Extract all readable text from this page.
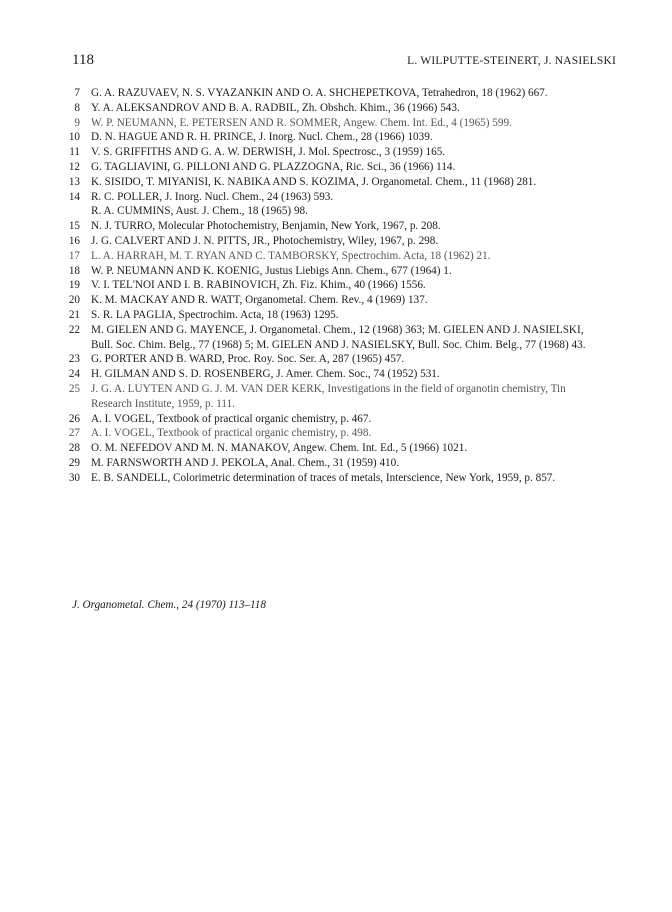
118	L. WILPUTTE-STEINERT, J. NASIELSKI
7 G. A. RAZUVAEV, N. S. VYAZANKIN AND O. A. SHCHEPETKOVA, Tetrahedron, 18 (1962) 667.
8 Y. A. ALEKSANDROV AND B. A. RADBIL, Zh. Obshch. Khim., 36 (1966) 543.
9 W. P. NEUMANN, E. PETERSEN AND R. SOMMER, Angew. Chem. Int. Ed., 4 (1965) 599.
10 D. N. HAGUE AND R. H. PRINCE, J. Inorg. Nucl. Chem., 28 (1966) 1039.
11 V. S. GRIFFITHS AND G. A. W. DERWISH, J. Mol. Spectrosc., 3 (1959) 165.
12 G. TAGLIAVINI, G. PILLONI AND G. PLAZZOGNA, Ric. Sci., 36 (1966) 114.
13 K. SISIDO, T. MIYANISI, K. NABIKA AND S. KOZIMA, J. Organometal. Chem., 11 (1968) 281.
14 R. C. POLLER, J. Inorg. Nucl. Chem., 24 (1963) 593.
R. A. CUMMINS, Aust. J. Chem., 18 (1965) 98.
15 N. J. TURRO, Molecular Photochemistry, Benjamin, New York, 1967, p. 208.
16 J. G. CALVERT AND J. N. PITTS, JR., Photochemistry, Wiley, 1967, p. 298.
17 L. A. HARRAH, M. T. RYAN AND C. TAMBORSKY, Spectrochim. Acta, 18 (1962) 21.
18 W. P. NEUMANN AND K. KOENIG, Justus Liebigs Ann. Chem., 677 (1964) 1.
19 V. I. TEL'NOI AND I. B. RABINOVICH, Zh. Fiz. Khim., 40 (1966) 1556.
20 K. M. MACKAY AND R. WATT, Organometal. Chem. Rev., 4 (1969) 137.
21 S. R. LA PAGLIA, Spectrochim. Acta, 18 (1963) 1295.
22 M. GIELEN AND G. MAYENCE, J. Organometal. Chem., 12 (1968) 363; M. GIELEN AND J. NASIELSKI,
Bull. Soc. Chim. Belg., 77 (1968) 5; M. GIELEN AND J. NASIELSKY, Bull. Soc. Chim. Belg., 77 (1968) 43.
23 G. PORTER AND B. WARD, Proc. Roy. Soc. Ser. A, 287 (1965) 457.
24 H. GILMAN AND S. D. ROSENBERG, J. Amer. Chem. Soc., 74 (1952) 531.
25 J. G. A. LUYTEN AND G. J. M. VAN DER KERK, Investigations in the field of organotin chemistry, Tin
Research Institute, 1959, p. 111.
26 A. I. VOGEL, Textbook of practical organic chemistry, p. 467.
27 A. I. VOGEL, Textbook of practical organic chemistry, p. 498.
28 O. M. NEFEDOV AND M. N. MANAKOV, Angew. Chem. Int. Ed., 5 (1966) 1021.
29 M. FARNSWORTH AND J. PEKOLA, Anal. Chem., 31 (1959) 410.
30 E. B. SANDELL, Colorimetric determination of traces of metals, Interscience, New York, 1959, p. 857.
J. Organometal. Chem., 24 (1970) 113–118
